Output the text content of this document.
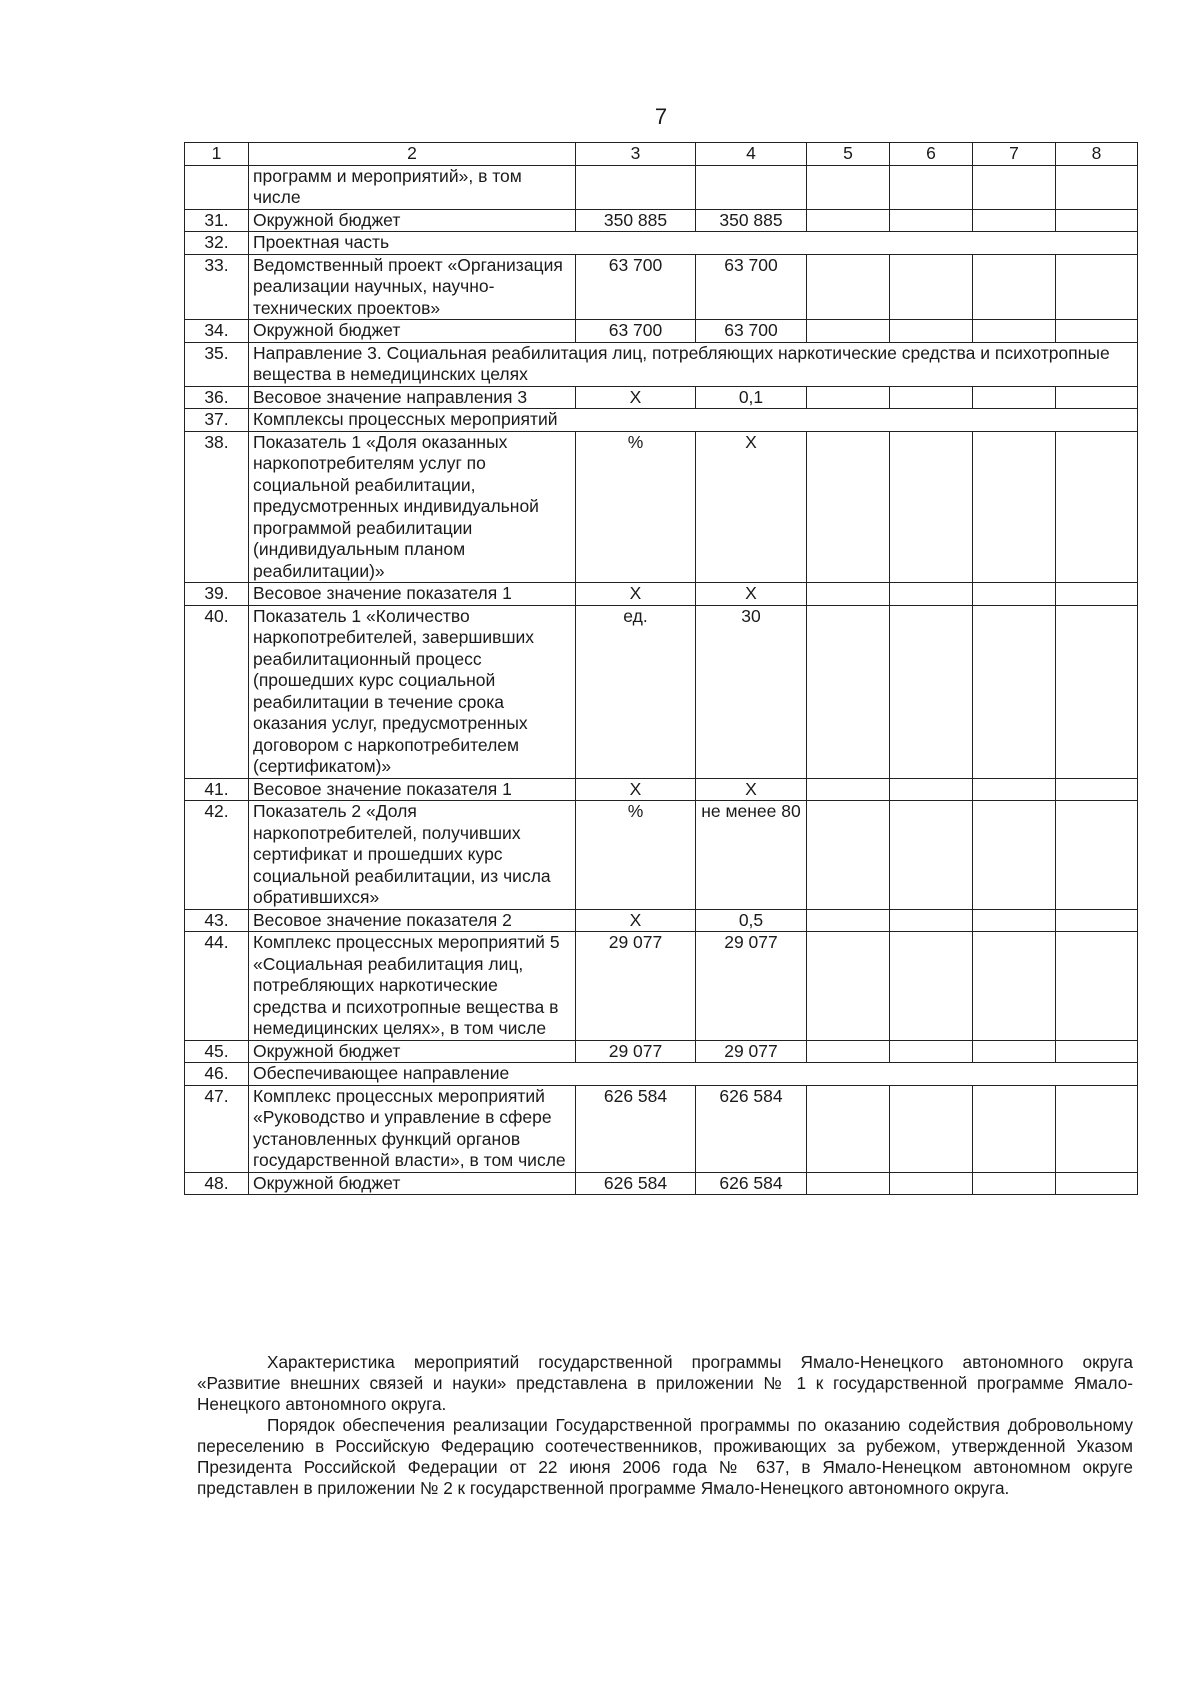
7
1	2	3	4	5	6	7	8
	программ и мероприятий», в том числе						
31.	Окружной бюджет	350 885	350 885				
32.	Проектная часть						
33.	Ведомственный проект «Организация реализации научных, научно-технических проектов»	63 700	63 700				
34.	Окружной бюджет	63 700	63 700				
35.	Направление 3. Социальная реабилитация лиц, потребляющих наркотические средства и психотропные вещества в немедицинских целях						
36.	Весовое значение направления 3	Х	0,1				
37.	Комплексы процессных мероприятий						
38.	Показатель 1 «Доля оказанных наркопотребителям услуг по социальной реабилитации, предусмотренных индивидуальной программой реабилитации (индивидуальным планом реабилитации)»	%	Х				
39.	Весовое значение показателя 1	Х	Х				
40.	Показатель 1 «Количество наркопотребителей, завершивших реабилитационный процесс (прошедших курс социальной реабилитации в течение срока оказания услуг, предусмотренных договором с наркопотребителем (сертификатом)»	ед.	30				
41.	Весовое значение показателя 1	Х	Х				
42.	Показатель 2 «Доля наркопотребителей, получивших сертификат и прошедших курс социальной реабилитации, из числа обратившихся»	%	не менее 80				
43.	Весовое значение показателя 2	Х	0,5				
44.	Комплекс процессных мероприятий 5 «Социальная реабилитация лиц, потребляющих наркотические средства и психотропные вещества в немедицинских целях», в том числе	29 077	29 077				
45.	Окружной бюджет	29 077	29 077				
46.	Обеспечивающее направление						
47.	Комплекс процессных мероприятий «Руководство и управление в сфере установленных функций органов государственной власти», в том числе	626 584	626 584				
48.	Окружной бюджет	626 584	626 584				

Характеристика мероприятий государственной программы Ямало-Ненецкого автономного округа «Развитие внешних связей и науки» представлена в приложении № 1 к государственной программе Ямало-Ненецкого автономного округа.

Порядок обеспечения реализации Государственной программы по оказанию содействия добровольному переселению в Российскую Федерацию соотечественников, проживающих за рубежом, утвержденной Указом Президента Российской Федерации от 22 июня 2006 года № 637, в Ямало-Ненецком автономном округе представлен в приложении № 2 к государственной программе Ямало-Ненецкого автономного округа.
